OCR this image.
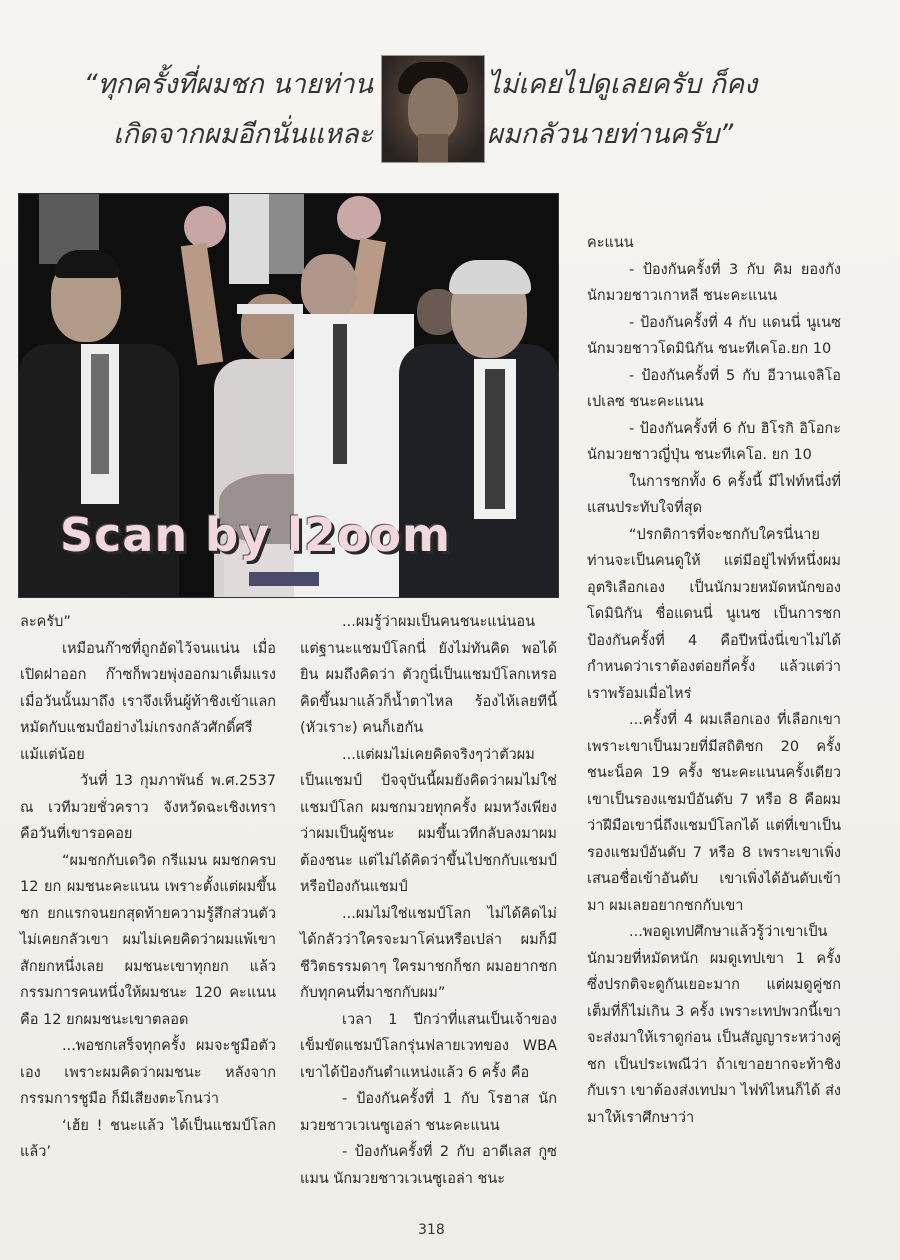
“ทุกครั้งที่ผมชก นายท่าน
เกิดจากผมอีกนั่นแหละ
ไม่เคยไปดูเลยครับ ก็คง
ผมกลัวนายท่านครับ”
Scan by l2oom

ละครับ”

เหมือนก๊าซที่ถูกอัดไว้จนแน่น เมื่อเปิดฝาออก ก๊าซก็พวยพุ่งออกมาเต็มแรง เมื่อวันนั้นมาถึง เราจึงเห็นผู้ท้าชิงเข้าแลกหมัดกับแชมป์อย่างไม่เกรงกลัวศักดิ์ศรีแม้แต่น้อย

วันที่ 13 กุมภาพันธ์ พ.ศ.2537 ณ เวทีมวยชั่วคราว จังหวัดฉะเชิงเทรา คือวันที่เขารอคอย

“ผมชกกับเดวิด กรีแมน ผมชกครบ 12 ยก ผมชนะคะแนน เพราะตั้งแต่ผมขึ้นชก ยกแรกจนยกสุดท้ายความรู้สึกส่วนตัวไม่เคยกลัวเขา ผมไม่เคยคิดว่าผมแพ้เขาสักยกหนึ่งเลย ผมชนะเขาทุกยก แล้วกรรมการคนหนึ่งให้ผมชนะ 120 คะแนน คือ 12 ยกผมชนะเขาตลอด

...พอชกเสร็จทุกครั้ง ผมจะชูมือตัวเอง เพราะผมคิดว่าผมชนะ หลังจากกรรมการชูมือ ก็มีเสียงตะโกนว่า

‘เฮ้ย ! ชนะแล้ว ได้เป็นแชมป์โลกแล้ว’

...ผมรู้ว่าผมเป็นคนชนะแน่นอน แต่ฐานะแชมป์โลกนี่ ยังไม่ทันคิด พอได้ยิน ผมถึงคิดว่า ตัวกูนี่เป็นแชมป์โลกเหรอ คิดขึ้นมาแล้วก็น้ำตาไหล ร้องไห้เลยทีนี้ (หัวเราะ) คนก็เฮกัน

...แต่ผมไม่เคยคิดจริงๆว่าตัวผมเป็นแชมป์ ปัจจุบันนี้ผมยังคิดว่าผมไม่ใช่แชมป์โลก ผมชกมวยทุกครั้ง ผมหวังเพียงว่าผมเป็นผู้ชนะ ผมขึ้นเวทีกลับลงมาผมต้องชนะ แต่ไม่ได้คิดว่าขึ้นไปชกกับแชมป์ หรือป้องกันแชมป์

...ผมไม่ใช่แชมป์โลก ไม่ได้คิดไม่ได้กลัวว่าใครจะมาโค่นหรือเปล่า ผมก็มีชีวิตธรรมดาๆ ใครมาชกก็ชก ผมอยากชกกับทุกคนที่มาชกกับผม”

เวลา 1 ปีกว่าที่แสนเป็นเจ้าของเข็มขัดแชมป์โลกรุ่นฟลายเวทของ WBA เขาได้ป้องกันตำแหน่งแล้ว 6 ครั้ง คือ

- ป้องกันครั้งที่ 1 กับ โรฮาส นักมวยชาวเวเนซูเอล่า ชนะคะแนน

- ป้องกันครั้งที่ 2 กับ อาดีเลส กูซแมน นักมวยชาวเวเนซูเอล่า ชนะ

คะแนน

- ป้องกันครั้งที่ 3 กับ คิม ยองกัง นักมวยชาวเกาหลี ชนะคะแนน

- ป้องกันครั้งที่ 4 กับ แดนนี่ นูเนซ นักมวยชาวโดมินิกัน ชนะทีเคโอ.ยก 10

- ป้องกันครั้งที่ 5 กับ อีวานเจลิโอ เปเลซ ชนะคะแนน

- ป้องกันครั้งที่ 6 กับ ฮิโรกิ อิโอกะ นักมวยชาวญี่ปุ่น ชนะทีเคโอ. ยก 10

ในการชกทั้ง 6 ครั้งนี้ มีไฟท์หนึ่งที่แสนประทับใจที่สุด

“ปรกติการที่จะชกกับใครนี่นายท่านจะเป็นคนดูให้ แต่มีอยู่ไฟท์หนึ่งผมอุตริเลือกเอง เป็นนักมวยหมัดหนักของโดมินิกัน ชื่อแดนนี่ นูเนซ เป็นการชกป้องกันครั้งที่ 4 คือปีหนึ่งนี่เขาไม่ได้กำหนดว่าเราต้องต่อยกี่ครั้ง แล้วแต่ว่าเราพร้อมเมื่อไหร่

...ครั้งที่ 4 ผมเลือกเอง ที่เลือกเขาเพราะเขาเป็นมวยที่มีสถิติชก 20 ครั้ง ชนะน็อค 19 ครั้ง ชนะคะแนนครั้งเดียว เขาเป็นรองแชมป์อันดับ 7 หรือ 8 คือผมว่าฝีมือเขานี่ถึงแชมป์โลกได้ แต่ที่เขาเป็นรองแชมป์อันดับ 7 หรือ 8 เพราะเขาเพิ่งเสนอชื่อเข้าอันดับ เขาเพิ่งได้อันดับเข้ามา ผมเลยอยากชกกับเขา

...พอดูเทปศึกษาแล้วรู้ว่าเขาเป็นนักมวยที่หมัดหนัก ผมดูเทปเขา 1 ครั้ง ซึ่งปรกติจะดูกันเยอะมาก แต่ผมดูคู่ชกเต็มที่ก็ไม่เกิน 3 ครั้ง เพราะเทปพวกนี้เขาจะส่งมาให้เราดูก่อน เป็นสัญญาระหว่างคู่ชก เป็นประเพณีว่า ถ้าเขาอยากจะท้าชิงกับเรา เขาต้องส่งเทปมา ไฟท์ไหนก็ได้ ส่งมาให้เราศึกษาว่า

318
